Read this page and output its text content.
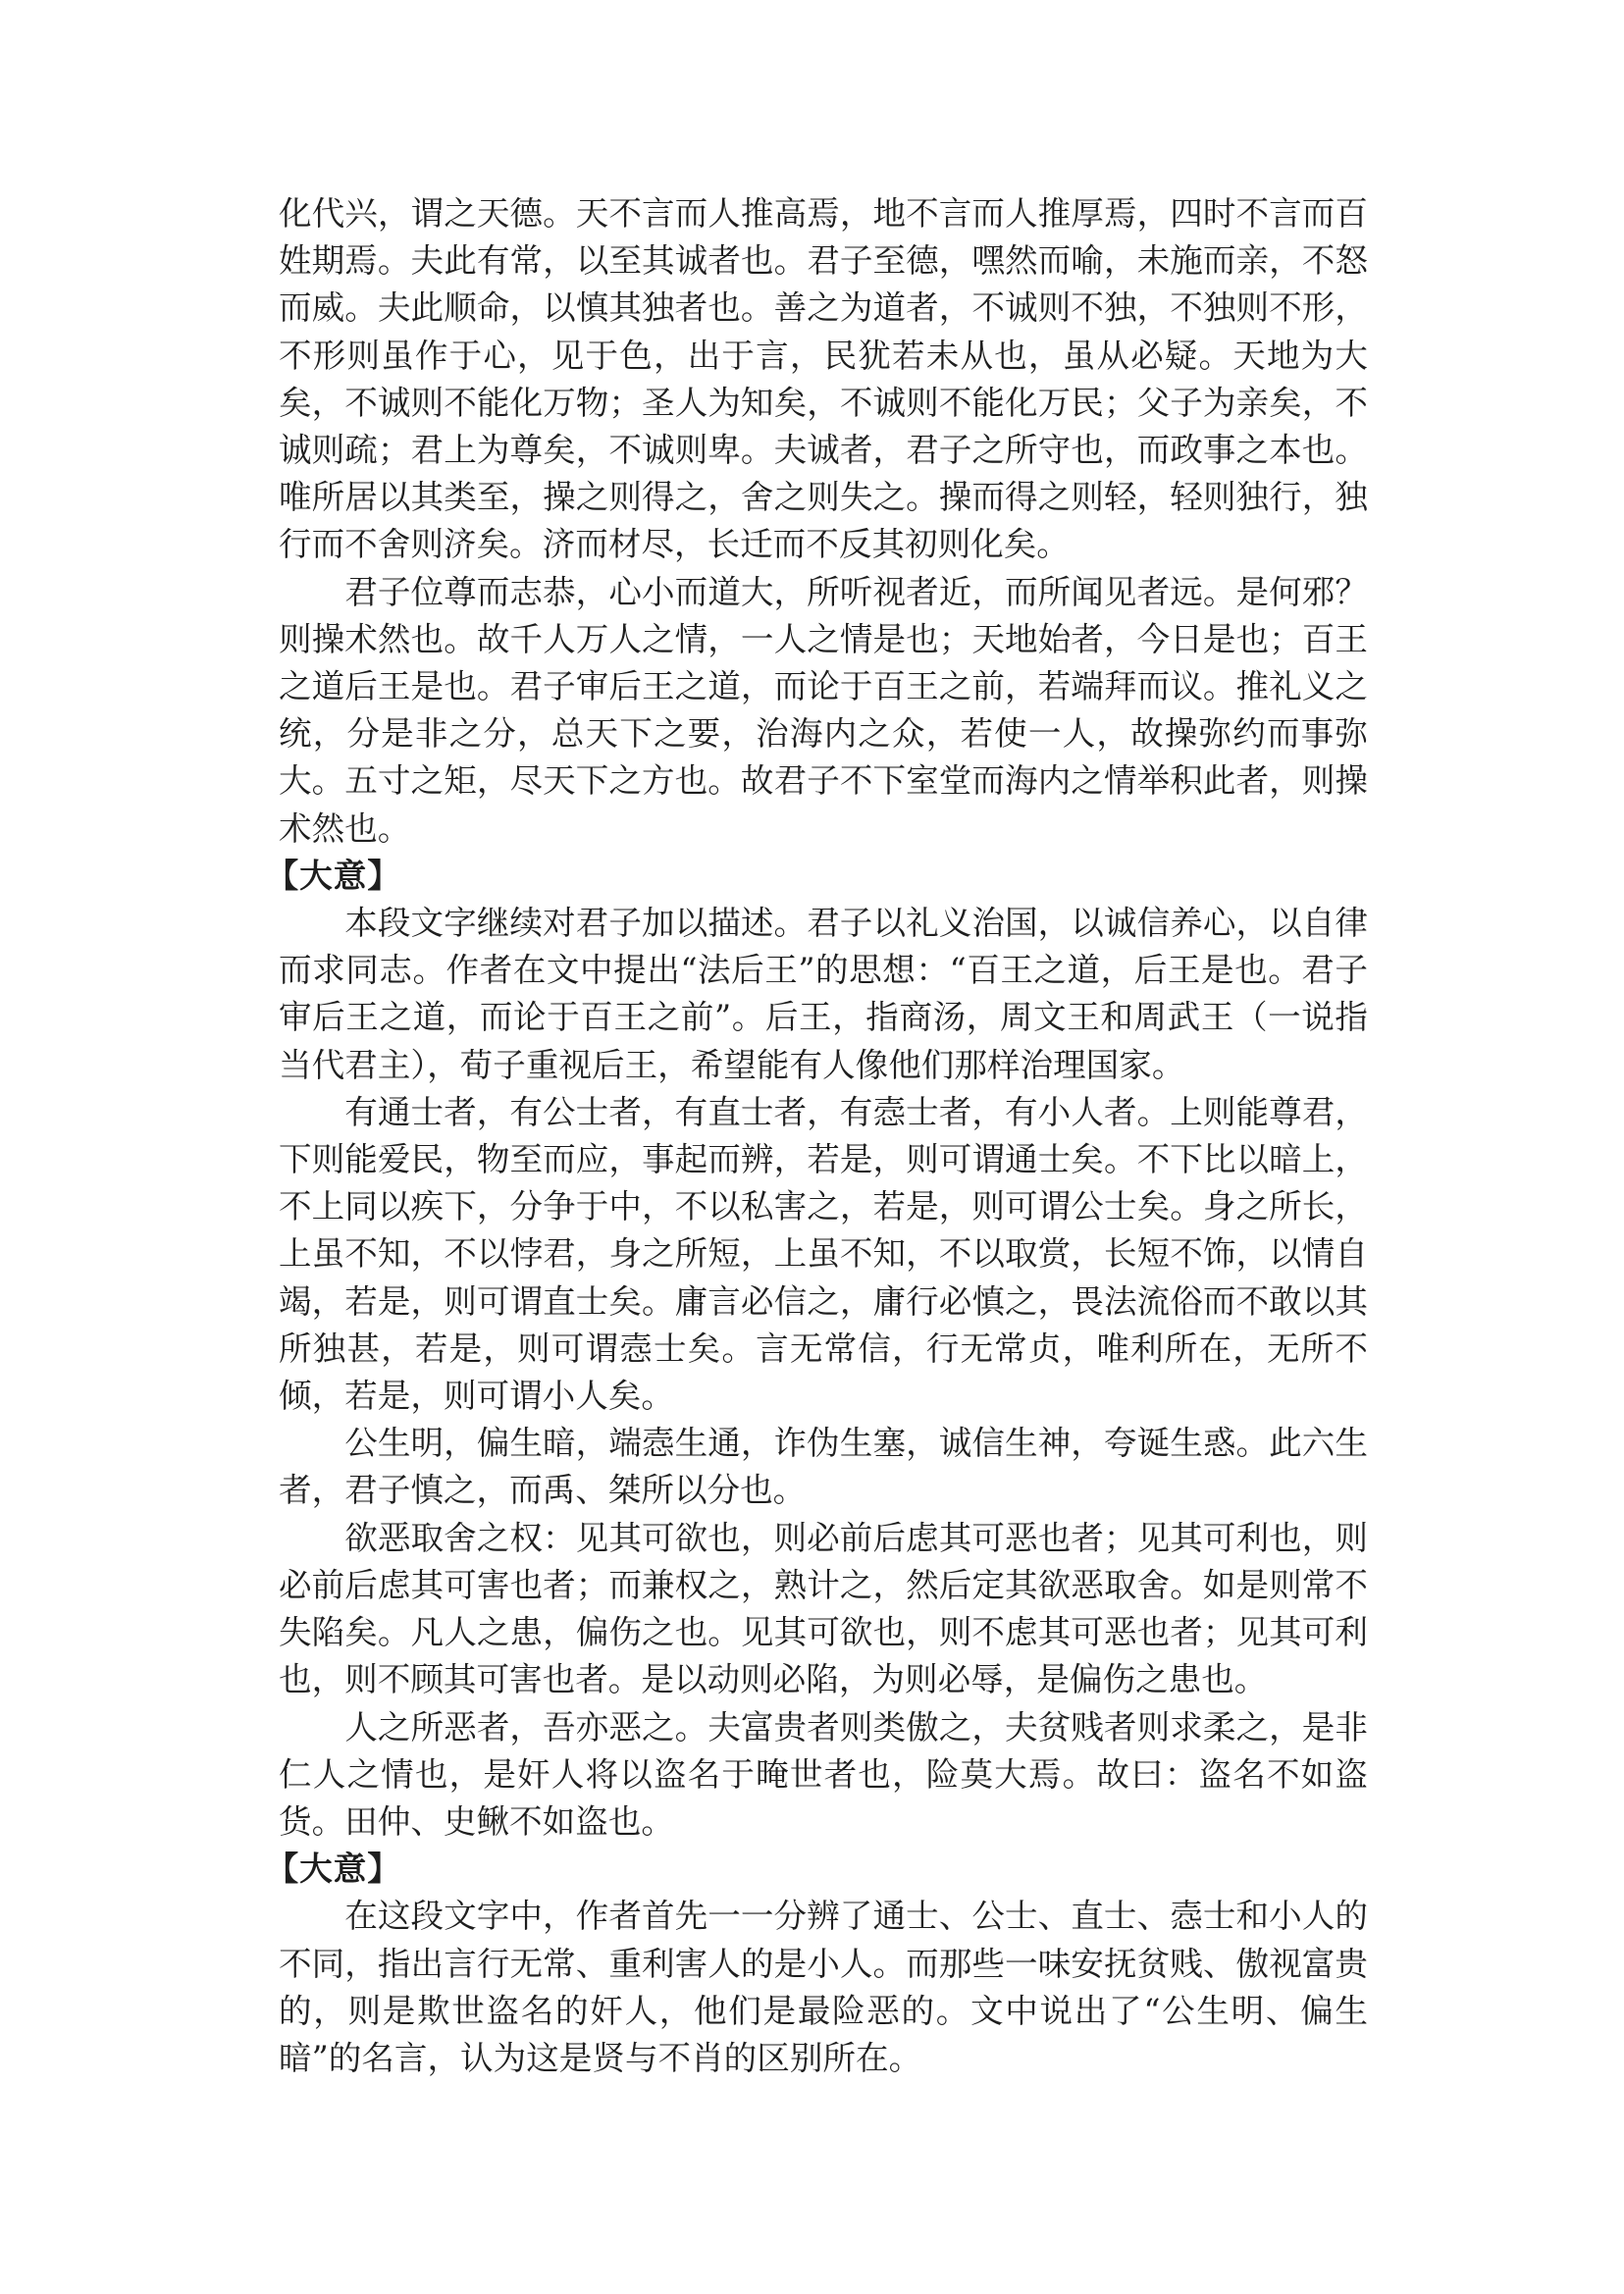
化代兴，谓之天德。天不言而人推高焉，地不言而人推厚焉，四时不言而百姓期焉。夫此有常，以至其诚者也。君子至德，嘿然而喻，未施而亲，不怒而威。夫此顺命，以慎其独者也。善之为道者，不诚则不独，不独则不形，不形则虽作于心，见于色，出于言，民犹若未从也，虽从必疑。天地为大矣，不诚则不能化万物；圣人为知矣，不诚则不能化万民；父子为亲矣，不诚则疏；君上为尊矣，不诚则卑。夫诚者，君子之所守也，而政事之本也。唯所居以其类至，操之则得之，舍之则失之。操而得之则轻，轻则独行，独行而不舍则济矣。济而材尽，长迁而不反其初则化矣。

君子位尊而志恭，心小而道大，所听视者近，而所闻见者远。是何邪？则操术然也。故千人万人之情，一人之情是也；天地始者，今日是也；百王之道后王是也。君子审后王之道，而论于百王之前，若端拜而议。推礼义之统，分是非之分，总天下之要，治海内之众，若使一人，故操弥约而事弥大。五寸之矩，尽天下之方也。故君子不下室堂而海内之情举积此者，则操术然也。

【大意】

本段文字继续对君子加以描述。君子以礼义治国，以诚信养心，以自律而求同志。作者在文中提出“法后王”的思想：“百王之道，后王是也。君子审后王之道，而论于百王之前”。后王，指商汤，周文王和周武王（一说指当代君主），荀子重视后王，希望能有人像他们那样治理国家。

有通士者，有公士者，有直士者，有悫士者，有小人者。上则能尊君，下则能爱民，物至而应，事起而辨，若是，则可谓通士矣。不下比以暗上，不上同以疾下，分争于中，不以私害之，若是，则可谓公士矣。身之所长，上虽不知，不以悖君，身之所短，上虽不知，不以取赏，长短不饰，以情自竭，若是，则可谓直士矣。庸言必信之，庸行必慎之，畏法流俗而不敢以其所独甚，若是，则可谓悫士矣。言无常信，行无常贞，唯利所在，无所不倾，若是，则可谓小人矣。

公生明，偏生暗，端悫生通，诈伪生塞，诚信生神，夸诞生惑。此六生者，君子慎之，而禹、桀所以分也。

欲恶取舍之权：见其可欲也，则必前后虑其可恶也者；见其可利也，则必前后虑其可害也者；而兼权之，熟计之，然后定其欲恶取舍。如是则常不失陷矣。凡人之患，偏伤之也。见其可欲也，则不虑其可恶也者；见其可利也，则不顾其可害也者。是以动则必陷，为则必辱，是偏伤之患也。

人之所恶者，吾亦恶之。夫富贵者则类傲之，夫贫贱者则求柔之，是非仁人之情也，是奸人将以盗名于晻世者也，险莫大焉。故曰：盗名不如盗货。田仲、史鳅不如盗也。

【大意】

在这段文字中，作者首先一一分辨了通士、公士、直士、悫士和小人的不同，指出言行无常、重利害人的是小人。而那些一味安抚贫贱、傲视富贵的，则是欺世盗名的奸人，他们是最险恶的。文中说出了“公生明、偏生暗”的名言，认为这是贤与不肖的区别所在。
